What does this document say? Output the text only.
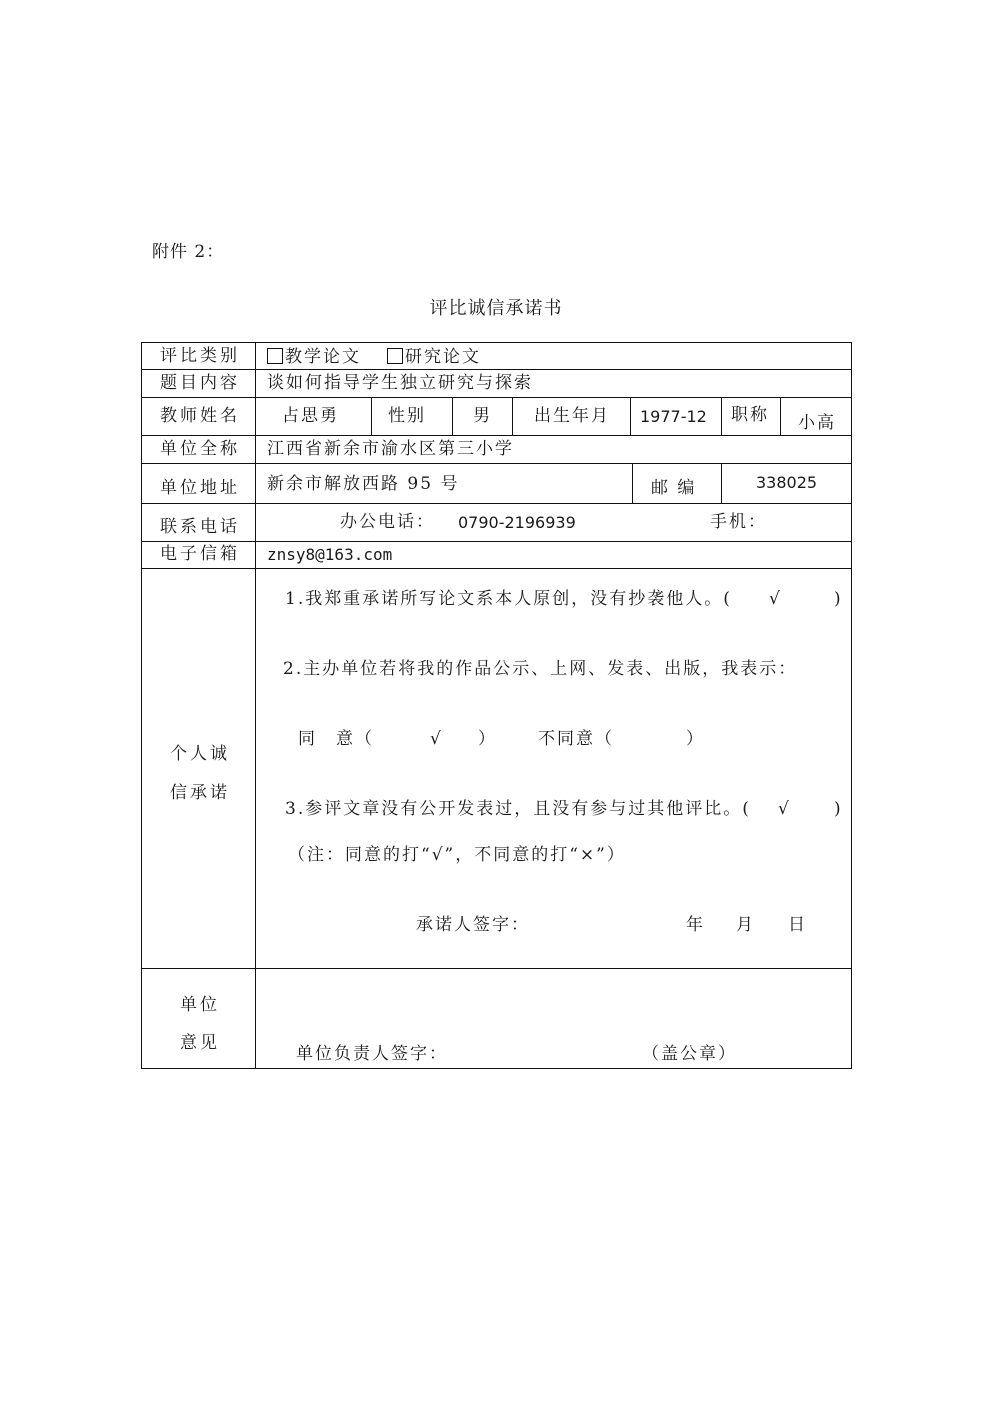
附件 2：
评比诚信承诺书
评比类别	教学论文	研究论文
题目内容 谈如何指导学生独立研究与探索
教师姓名 占思勇	性别	男 出生年月 1977-12 职称 小高
单位全称 江西省新余市渝水区第三小学
单位地址 新余市解放西路 95 号	邮 编	338025
联系电话	办公电话： 0790-2196939	手机：
电子信箱 znsy8@163.com
个人诚
信承诺
1.我郑重承诺所写论文系本人原创，没有抄袭他人。( √	)
2.主办单位若将我的作品公示、上网、发表、出版，我表示：
同　意（	√ ） 不同意（	）
3.参评文章没有公开发表过，且没有参与过其他评比。( √	)
（注：同意的打“√”，不同意的打“×”）
承诺人签字：	年 月 日
单位
意见
单位负责人签字：	（盖公章）
